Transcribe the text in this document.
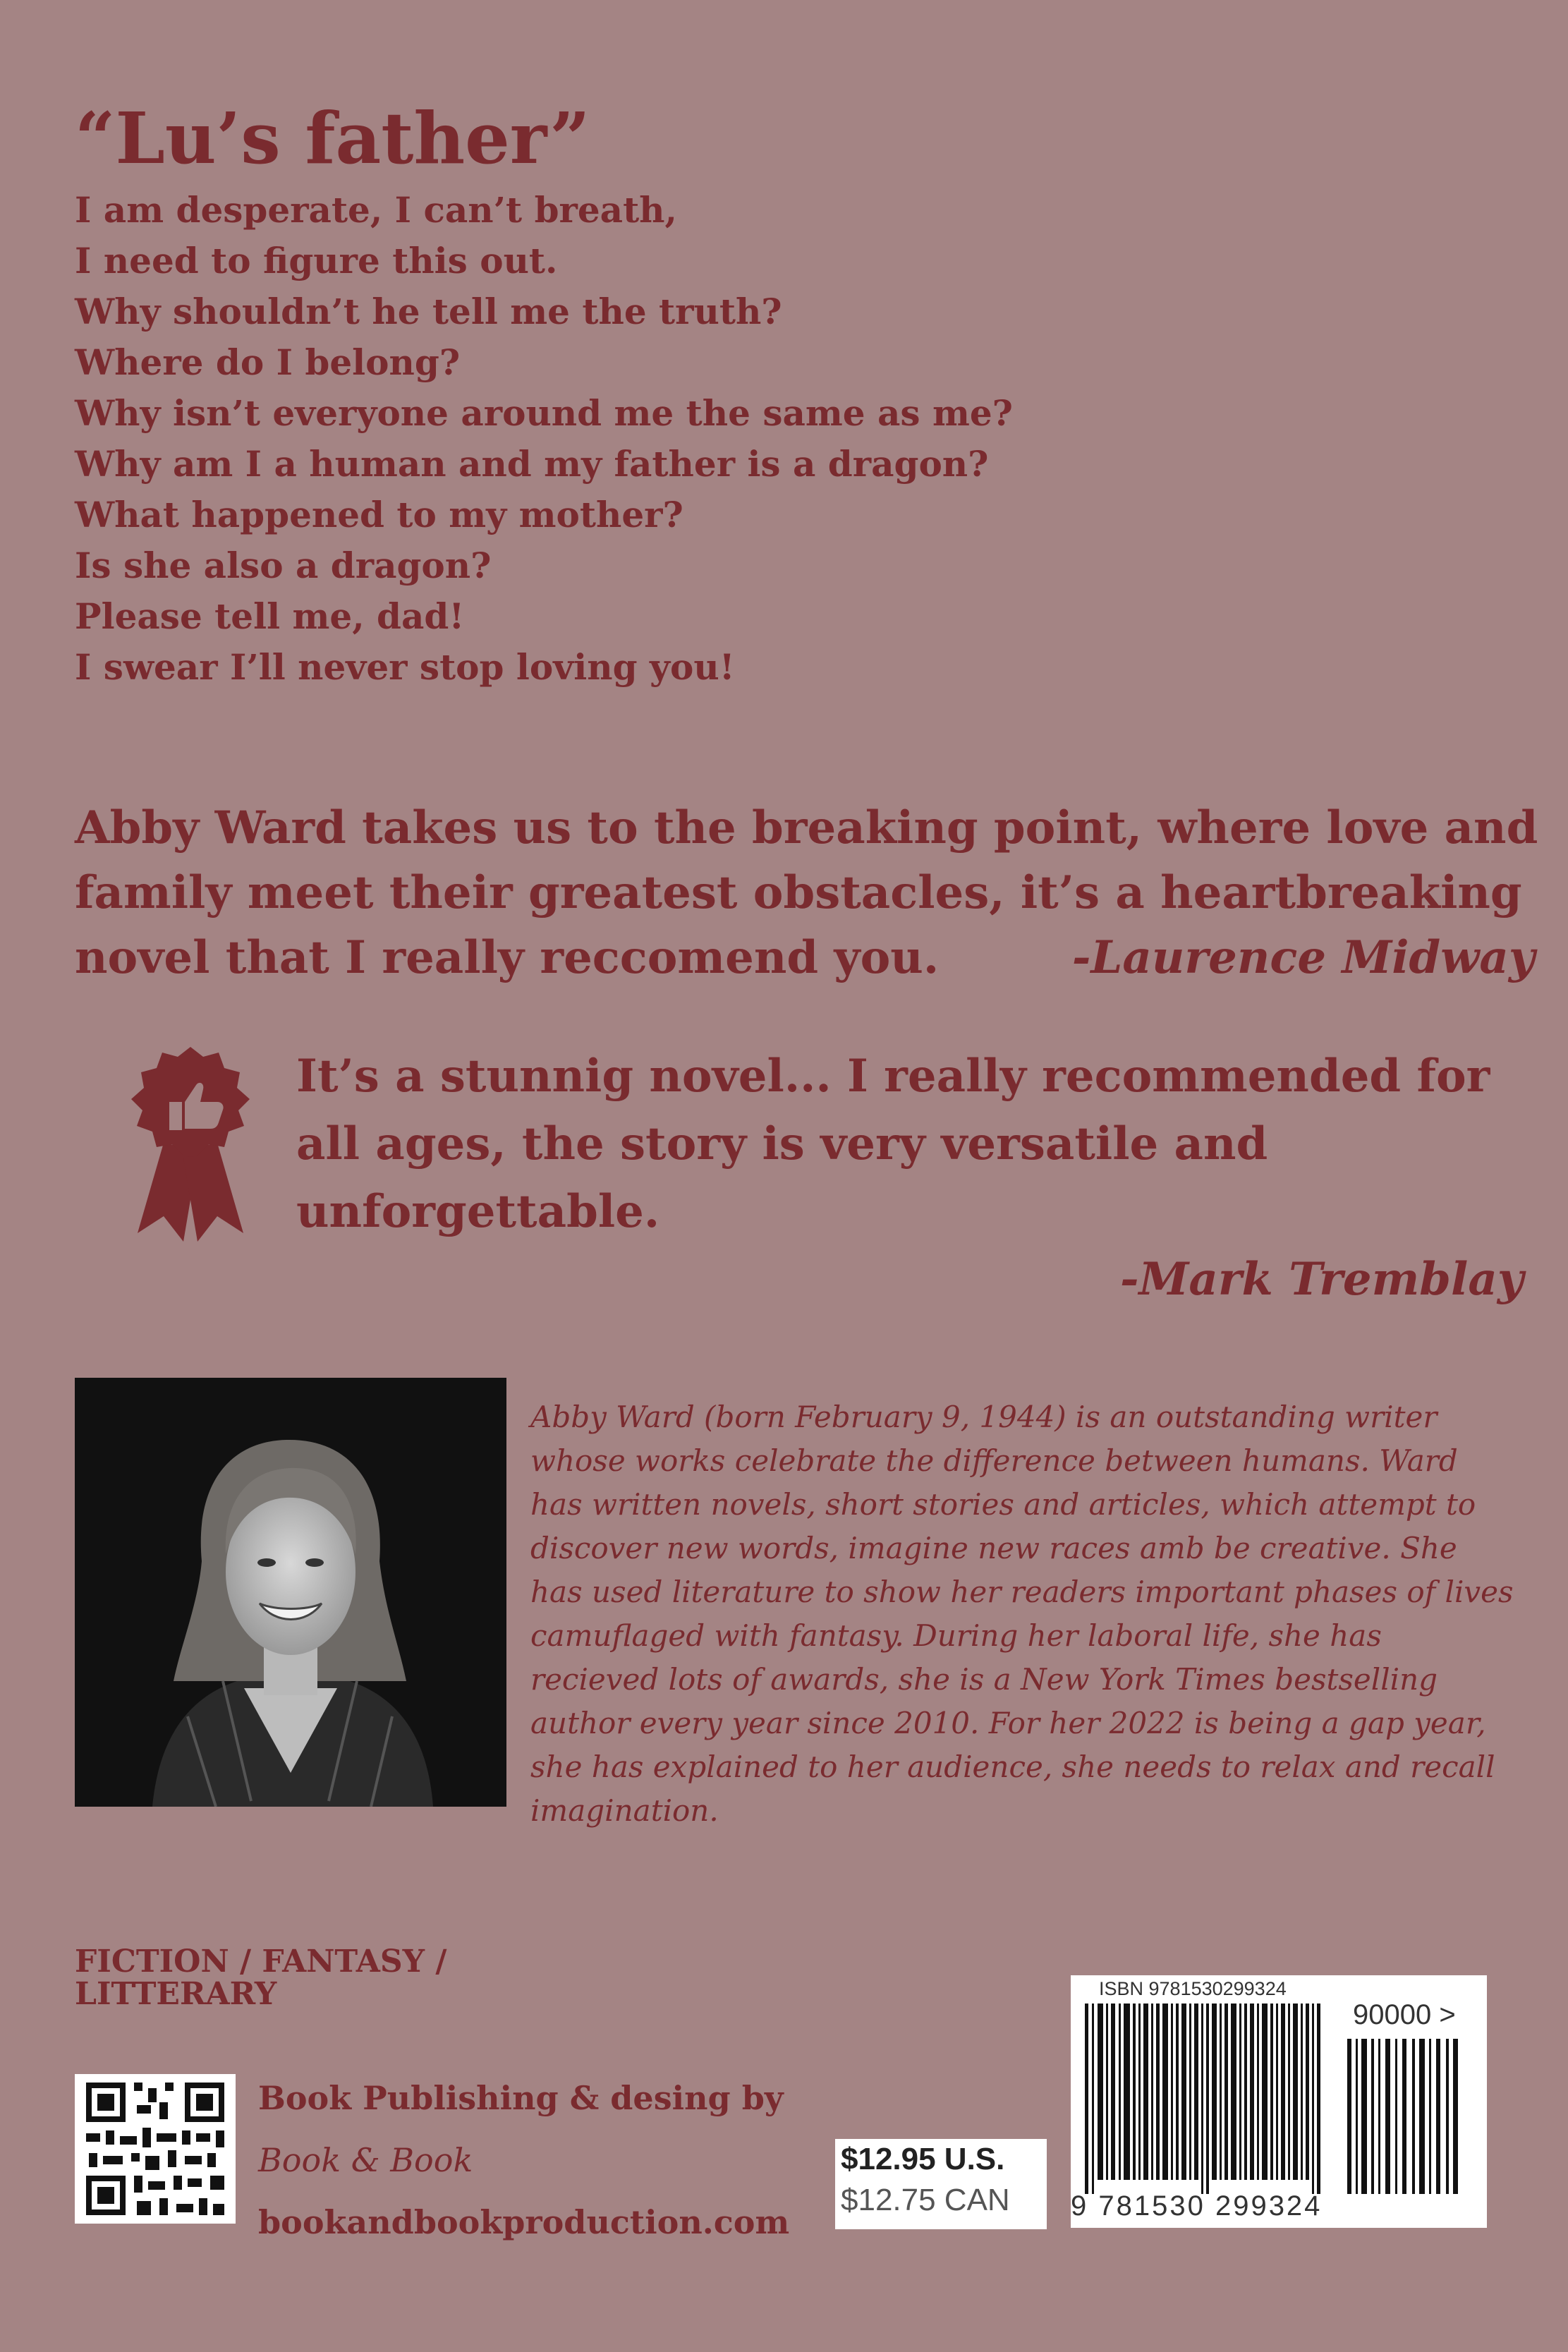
“Lu’s father”
I am desperate, I can’t breath,
I need to figure this out.
Why shouldn’t he tell me the truth?
Where do I belong?
Why isn’t everyone around me the same as me?
Why am I a human and my father is a dragon?
What happened to my mother?
Is she also a dragon?
Please tell me, dad!
I swear I’ll never stop loving you!
Abby Ward takes us to the breaking point, where love and family meet their greatest obstacles, it’s a heartbreaking novel that I really reccomend you.	-Laurence Midway
It’s a stunnig novel... I really recommended for all ages, the story is very versatile and unforgettable.
-Mark Tremblay
Abby Ward (born February 9, 1944) is an outstanding writer whose works celebrate the difference between humans. Ward has written novels, short stories and articles, which attempt to discover new words, imagine new races amb be creative. She has used literature to show her readers important phases of lives camuflaged with fantasy. During her laboral life, she has recieved lots of awards, she is a New York Times bestselling author every year since 2010. For her 2022 is being a gap year, she has explained to her audience, she needs to relax and recall imagination.
FICTION / FANTASY / LITTERARY
Book Publishing & desing by
Book & Book
bookandbookproduction.com
$12.95 U.S.
$12.75 CAN
ISBN 9781530299324
90000 >
9 781530 299324
